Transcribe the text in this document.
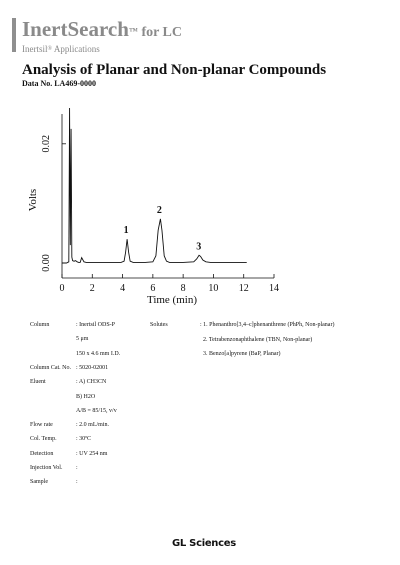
InertSearch™ for LC
Inertsil® Applications
Analysis of Planar and Non-planar Compounds
Data No. LA469-0000
0	2	4	6	8 10 12 14
0.00
0.02
Volts
Time (min)
1
2
3
Column	: Inertsil ODS-P
5 μm
150 x 4.6 mm I.D.
Column Cat. No. : 5020-02001
Eluent	: A) CH3CN
B) H2O
A/B = 85/15, v/v
Flow rate	: 2.0 mL/min.
Col. Temp.	: 30ºC
Detection	: UV 254 nm
Injection Vol. :
Sample	:
Solutes	: 1. Phenanthro[3,4–c]phenanthrene (PhPh, Non-planar)
2. Tetrabenzonaphthalene (TBN, Non-planar)
3. Benzo[a]pyrene (BaP, Planar)
GL Sciences
